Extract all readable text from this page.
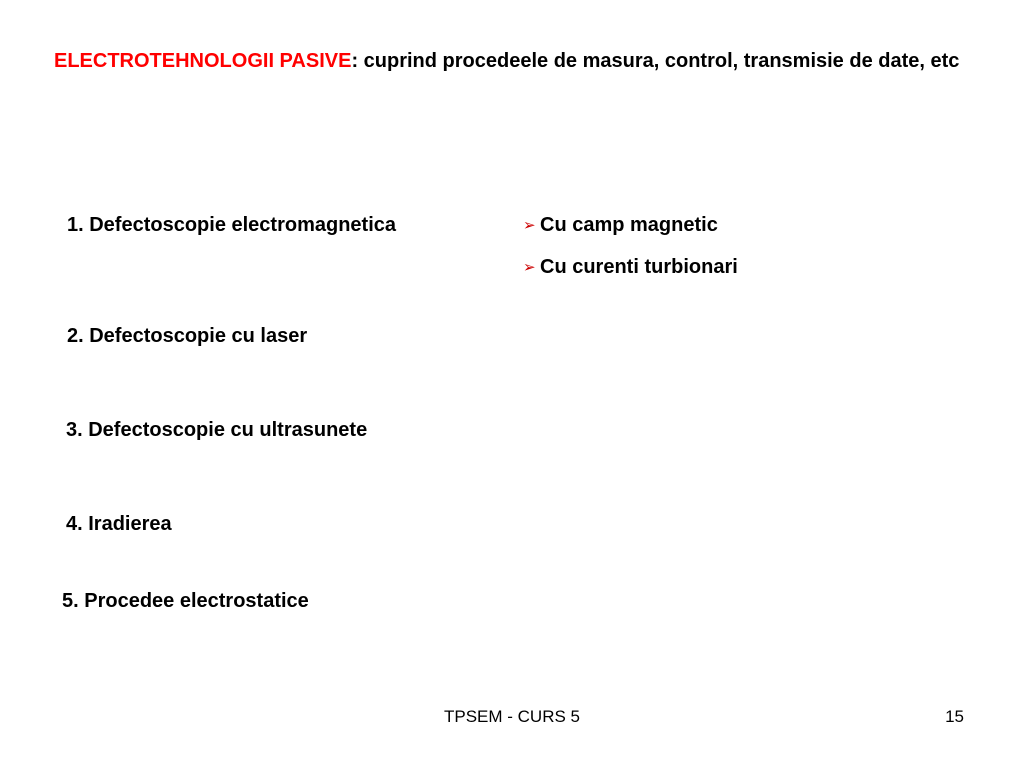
ELECTROTEHNOLOGII PASIVE: cuprind procedeele de masura, control, transmisie de date, etc
1. Defectoscopie electromagnetica	➢ Cu camp magnetic
➢ Cu curenti turbionari
2. Defectoscopie cu laser
3. Defectoscopie cu ultrasunete
4. Iradierea
5. Procedee electrostatice
TPSEM - CURS 5	15
